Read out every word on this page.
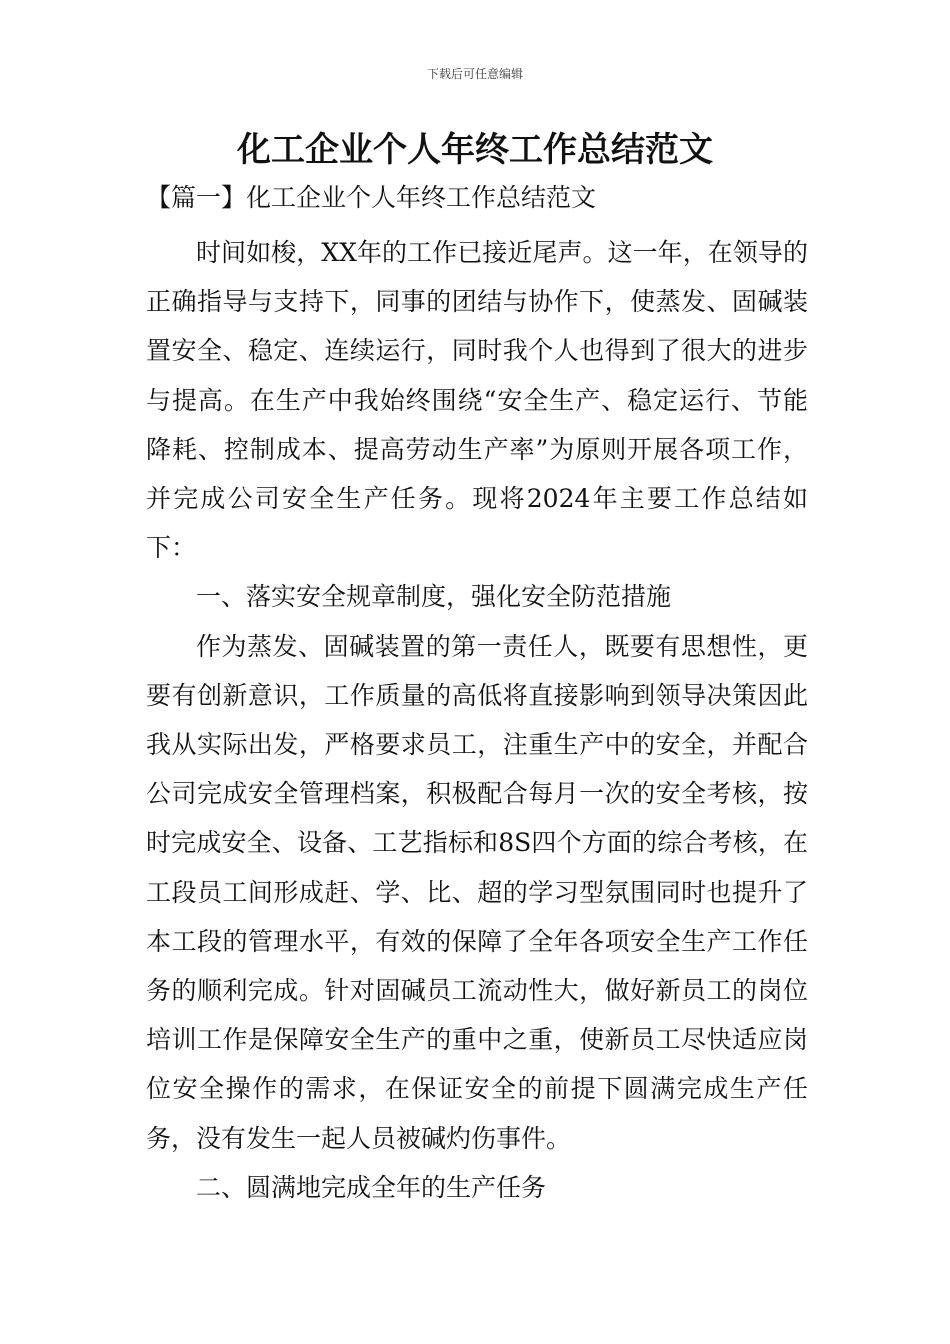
下载后可任意编辑
化工企业个人年终工作总结范文
【篇一】化工企业个人年终工作总结范文

时间如梭，XX年的工作已接近尾声。这一年，在领导的正确指导与支持下，同事的团结与协作下，使蒸发、固碱装置安全、稳定、连续运行，同时我个人也得到了很大的进步与提高。在生产中我始终围绕“安全生产、稳定运行、节能降耗、控制成本、提高劳动生产率”为原则开展各项工作，并完成公司安全生产任务。现将2024年主要工作总结如下：

一、落实安全规章制度，强化安全防范措施

作为蒸发、固碱装置的第一责任人，既要有思想性，更要有创新意识，工作质量的高低将直接影响到领导决策因此我从实际出发，严格要求员工，注重生产中的安全，并配合公司完成安全管理档案，积极配合每月一次的安全考核，按时完成安全、设备、工艺指标和8S四个方面的综合考核，在工段员工间形成赶、学、比、超的学习型氛围同时也提升了本工段的管理水平，有效的保障了全年各项安全生产工作任务的顺利完成。针对固碱员工流动性大，做好新员工的岗位培训工作是保障安全生产的重中之重，使新员工尽快适应岗位安全操作的需求，在保证安全的前提下圆满完成生产任务，没有发生一起人员被碱灼伤事件。

二、圆满地完成全年的生产任务
